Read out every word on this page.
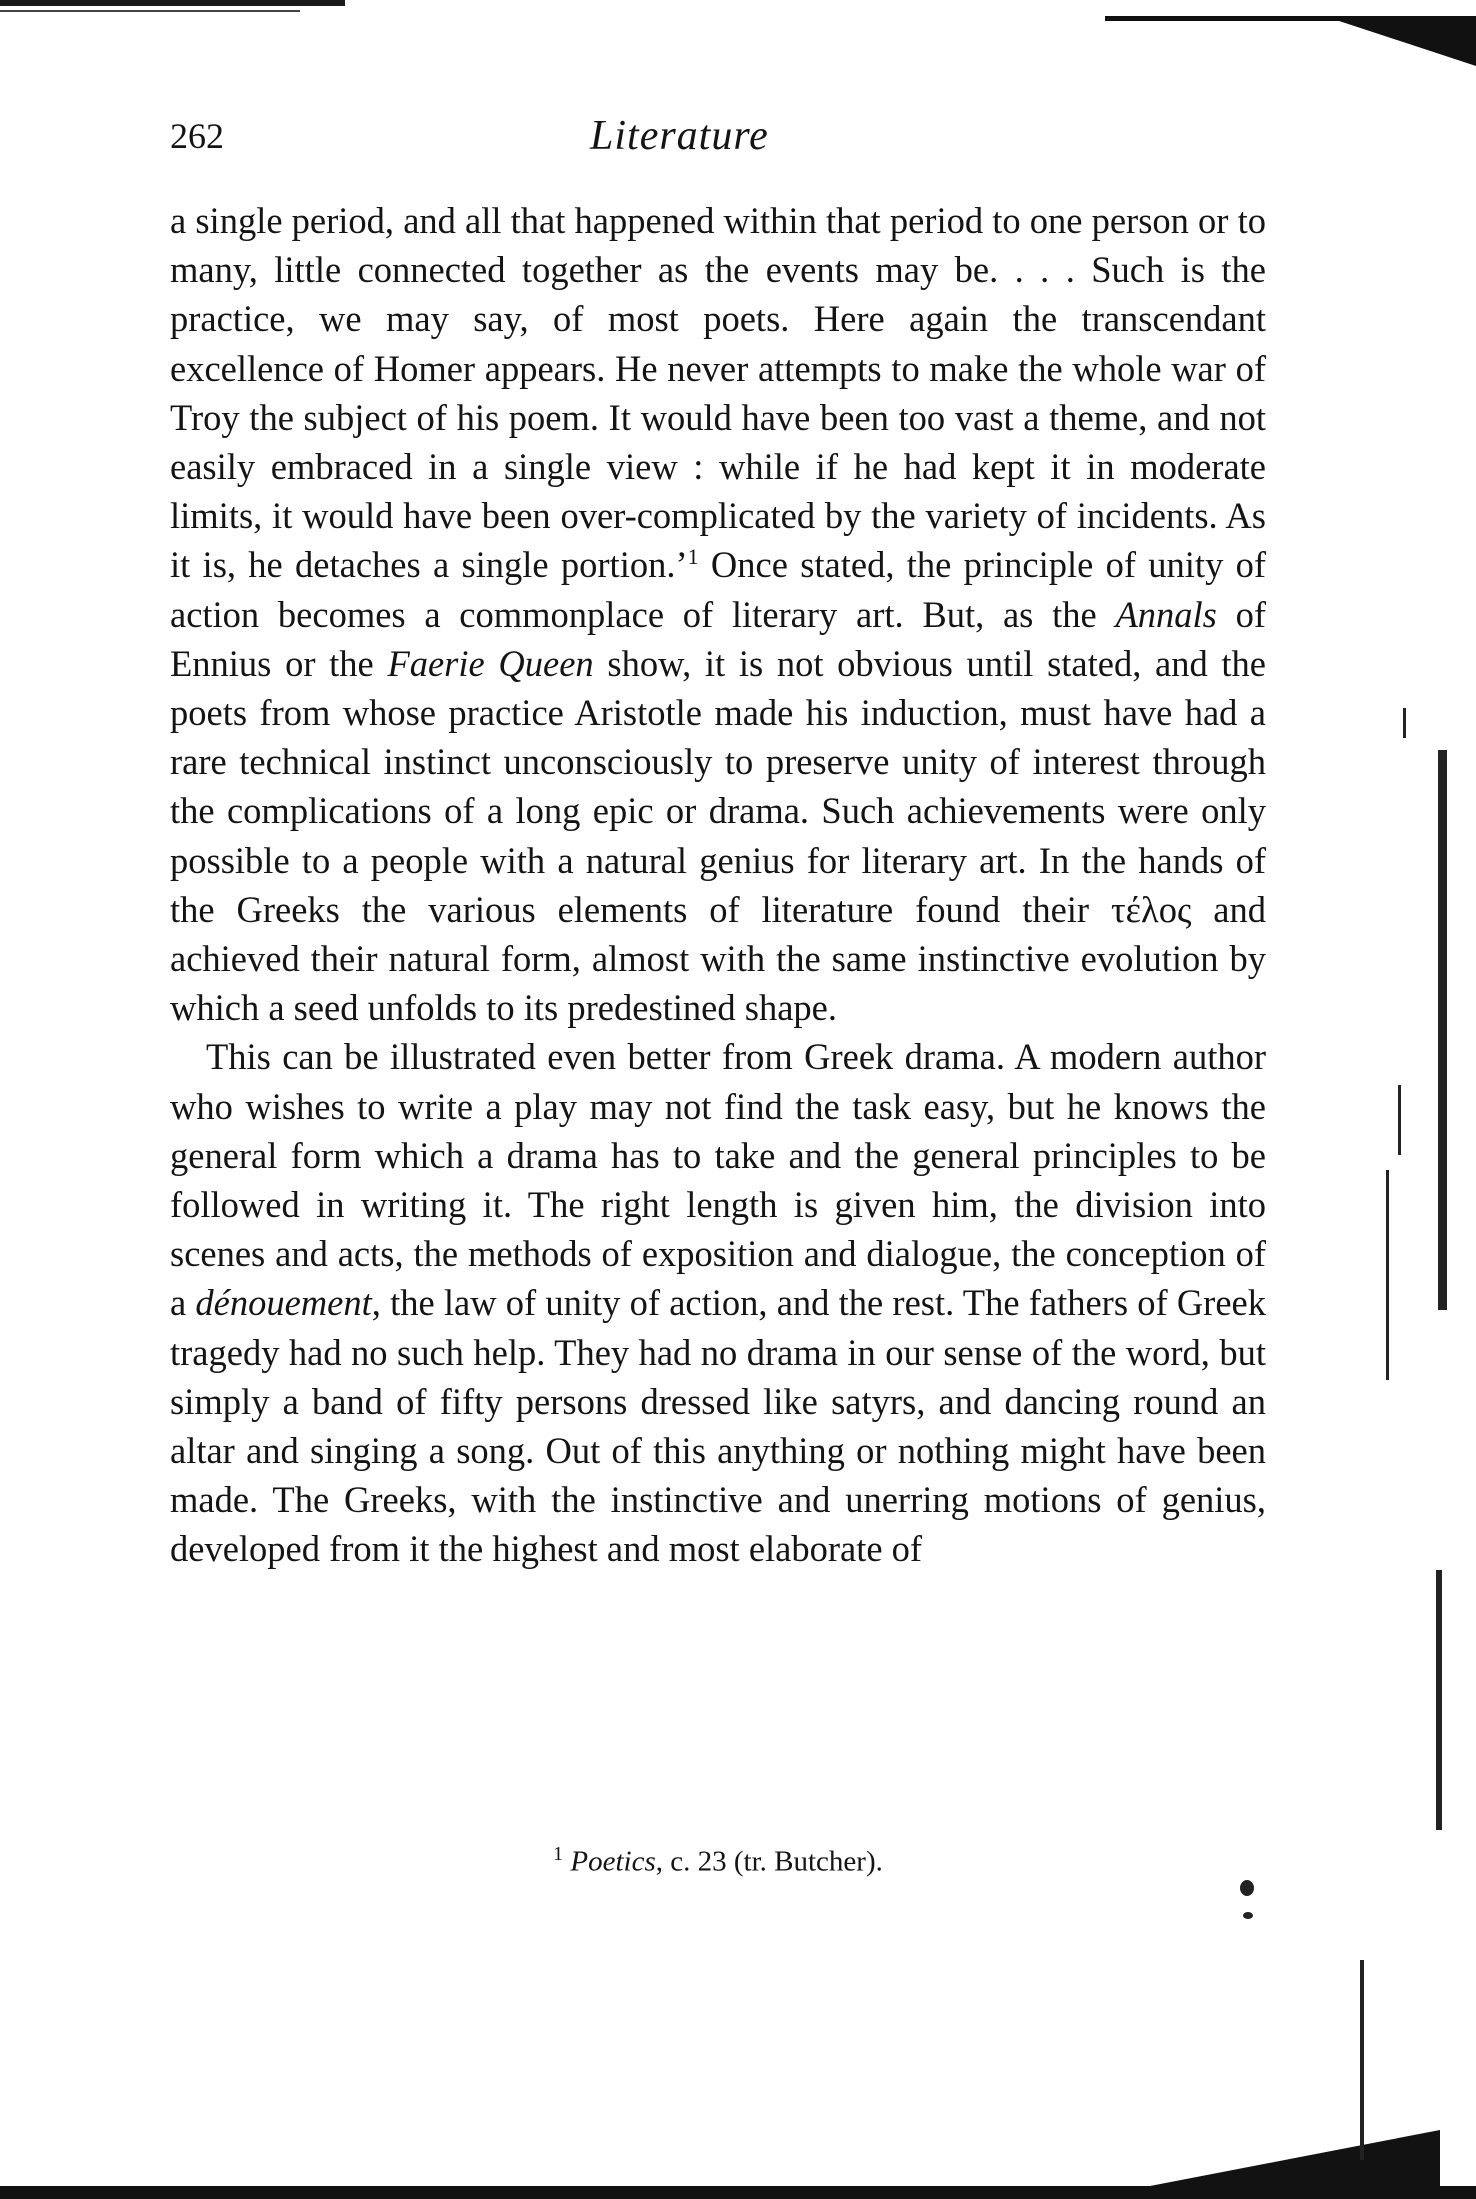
262	Literature

a single period, and all that happened within that period to one person or to many, little connected together as the events may be. . . . Such is the practice, we may say, of most poets. Here again the transcendant excellence of Homer appears. He never attempts to make the whole war of Troy the subject of his poem. It would have been too vast a theme, and not easily embraced in a single view : while if he had kept it in moderate limits, it would have been over-complicated by the variety of incidents. As it is, he detaches a single portion.’$^1$ Once stated, the principle of unity of action becomes a commonplace of literary art. But, as the Annals of Ennius or the Faerie Queen show, it is not obvious until stated, and the poets from whose practice Aristotle made his induction, must have had a rare technical instinct unconsciously to preserve unity of interest through the complications of a long epic or drama. Such achievements were only possible to a people with a natural genius for literary art. In the hands of the Greeks the various elements of literature found their τέλος and achieved their natural form, almost with the same instinctive evolution by which a seed unfolds to its predestined shape.

This can be illustrated even better from Greek drama. A modern author who wishes to write a play may not find the task easy, but he knows the general form which a drama has to take and the general principles to be followed in writing it. The right length is given him, the division into scenes and acts, the methods of exposition and dialogue, the conception of a dénouement, the law of unity of action, and the rest. The fathers of Greek tragedy had no such help. They had no drama in our sense of the word, but simply a band of fifty persons dressed like satyrs, and dancing round an altar and singing a song. Out of this anything or nothing might have been made. The Greeks, with the instinctive and unerring motions of genius, developed from it the highest and most elaborate of

$^1$ Poetics, c. 23 (tr. Butcher).
